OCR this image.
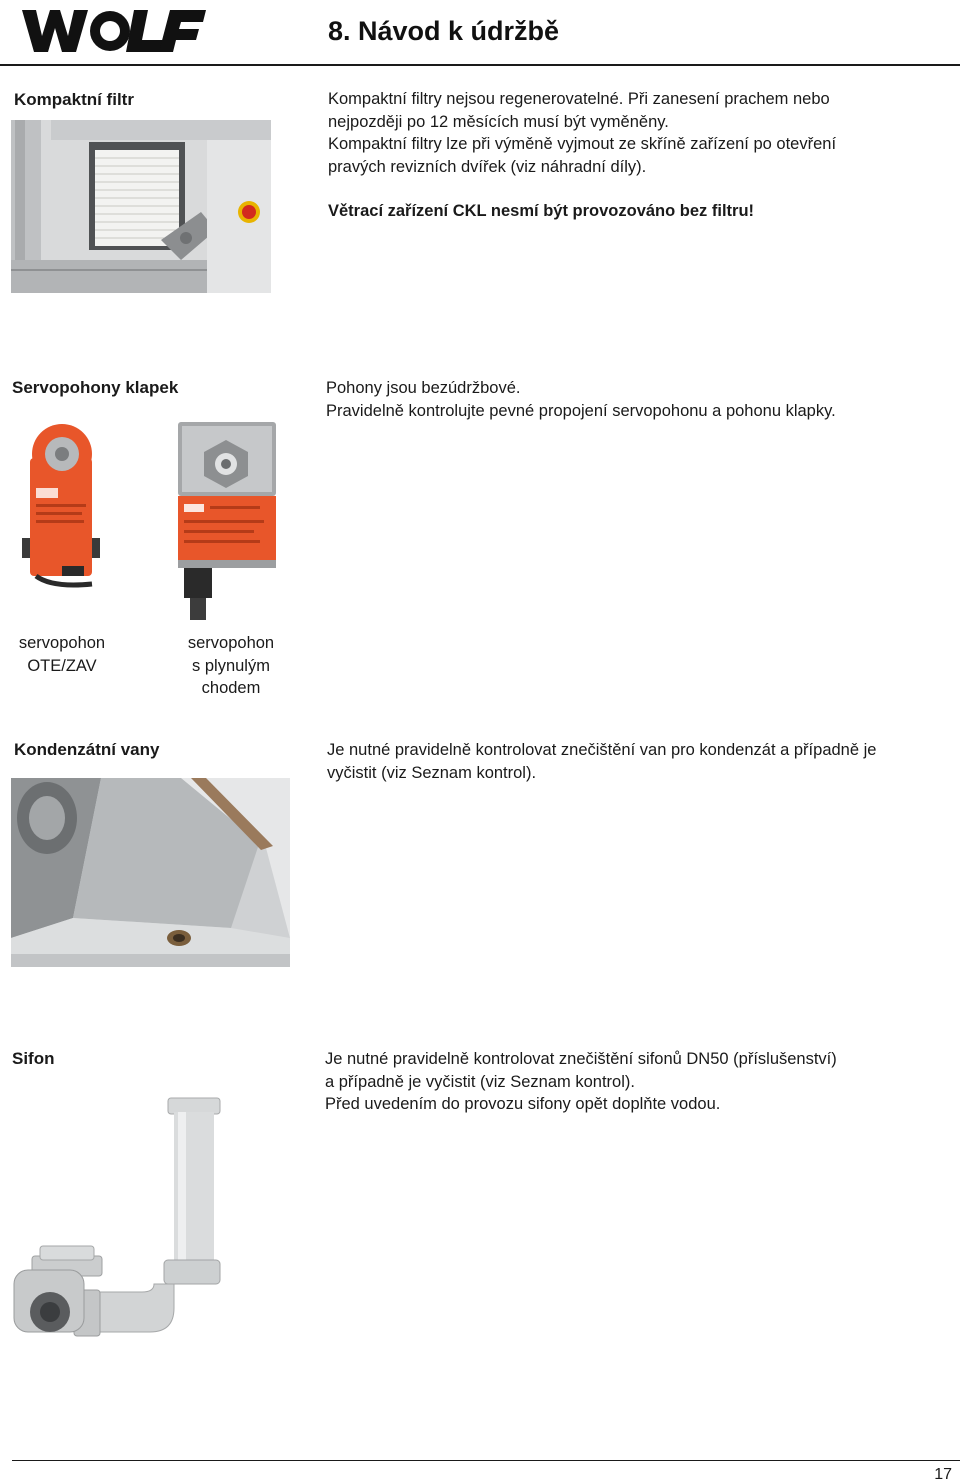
8. Návod k údržbě
Kompaktní filtr	Kompaktní filtry nejsou regenerovatelné. Při zanesení prachem nebo

nejpozději po 12 měsících musí být vyměněny.

Kompaktní filtry lze při výměně vyjmout ze skříně zařízení po otevření

pravých revizních dvířek (viz náhradní díly).

Větrací zařízení CKL nesmí být provozováno bez filtru!

Servopohony klapek	Pohony jsou bezúdržbové.

Pravidelně kontrolujte pevné propojení servopohonu a pohonu klapky.

servopohon
OTE/ZAV
servopohon
s plynulým
chodem
Kondenzátní vany	Je nutné pravidelně kontrolovat znečištění van pro kondenzát a případně je

vyčistit (viz Seznam kontrol).

Sifon	Je nutné pravidelně kontrolovat znečištění sifonů DN50 (příslušenství)

a případně je vyčistit (viz Seznam kontrol).

Před uvedením do provozu sifony opět doplňte vodou.

17
